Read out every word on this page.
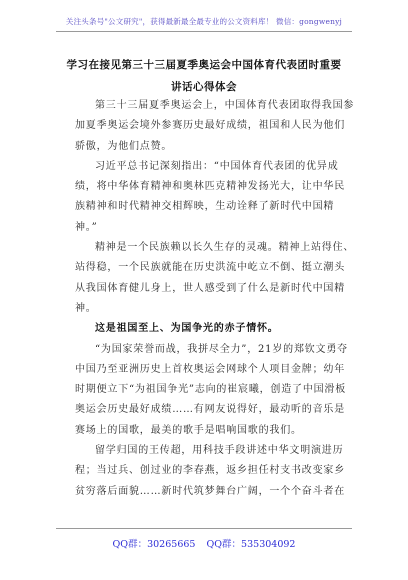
关注头条号"公文研究"，获得最新最全最专业的公文资料库！ 微信：gongwenyj
学习在接见第三十三届夏季奥运会中国体育代表团时重要
讲话心得体会

第三十三届夏季奥运会上，中国体育代表团取得我国参加夏季奥运会境外参赛历史最好成绩，祖国和人民为他们骄傲，为他们点赞。

习近平总书记深刻指出：“中国体育代表团的优异成绩，将中华体育精神和奥林匹克精神发扬光大，让中华民族精神和时代精神交相辉映，生动诠释了新时代中国精神。”

精神是一个民族赖以长久生存的灵魂。精神上站得住、站得稳，一个民族就能在历史洪流中屹立不倒、挺立潮头从我国体育健儿身上，世人感受到了什么是新时代中国精神。

这是祖国至上、为国争光的赤子情怀。

“为国家荣誉而战，我拼尽全力”，21岁的郑钦文勇夺中国乃至亚洲历史上首枚奥运会网球个人项目金牌；幼年时期便立下“为祖国争光”志向的崔宸曦，创造了中国滑板奥运会历史最好成绩……有网友说得好，最动听的音乐是赛场上的国歌，最美的歌手是唱响国歌的我们。

留学归国的王传超，用科技手段讲述中华文明演进历程；当过兵、创过业的李春燕，返乡担任村支书改变家乡贫穷落后面貌……新时代筑梦舞台广阔，一个个奋斗者在

QQ群：30265665 QQ群：535304092
